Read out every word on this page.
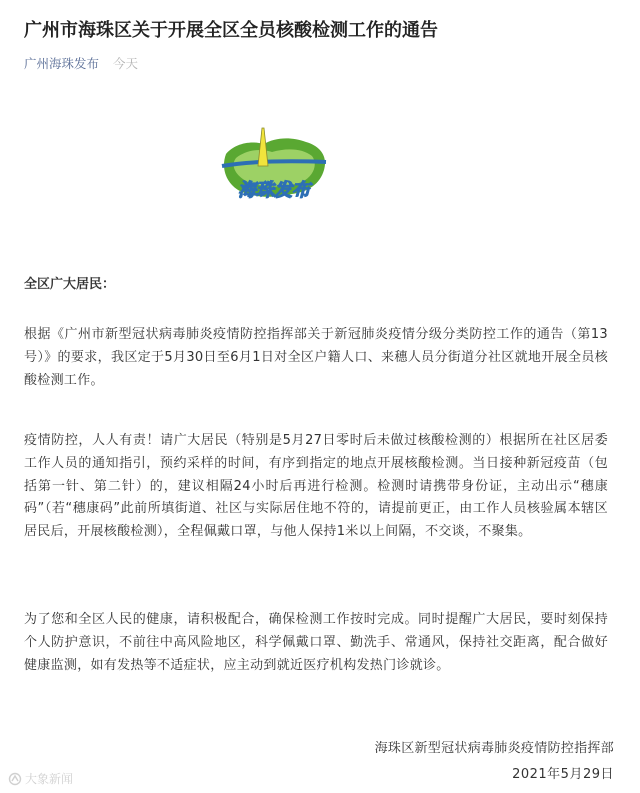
广州市海珠区关于开展全区全员核酸检测工作的通告
广州海珠发布 今天
海珠发布
全区广大居民：

根据《广州市新型冠状病毒肺炎疫情防控指挥部关于新冠肺炎疫情分级分类防控工作的通告（第13号）》的要求，我区定于5月30日至6月1日对全区户籍人口、来穗人员分街道分社区就地开展全员核酸检测工作。

疫情防控，人人有责！请广大居民（特别是5月27日零时后未做过核酸检测的）根据所在社区居委工作人员的通知指引，预约采样的时间，有序到指定的地点开展核酸检测。当日接种新冠疫苗（包括第一针、第二针）的，建议相隔24小时后再进行检测。检测时请携带身份证，主动出示“穗康码”（若“穗康码”此前所填街道、社区与实际居住地不符的，请提前更正，由工作人员核验属本辖区居民后，开展核酸检测），全程佩戴口罩，与他人保持1米以上间隔，不交谈，不聚集。

为了您和全区人民的健康，请积极配合，确保检测工作按时完成。同时提醒广大居民，要时刻保持个人防护意识，不前往中高风险地区，科学佩戴口罩、勤洗手、常通风，保持社交距离，配合做好健康监测，如有发热等不适症状，应主动到就近医疗机构发热门诊就诊。

海珠区新型冠状病毒肺炎疫情防控指挥部
2021年5月29日
大象新闻
